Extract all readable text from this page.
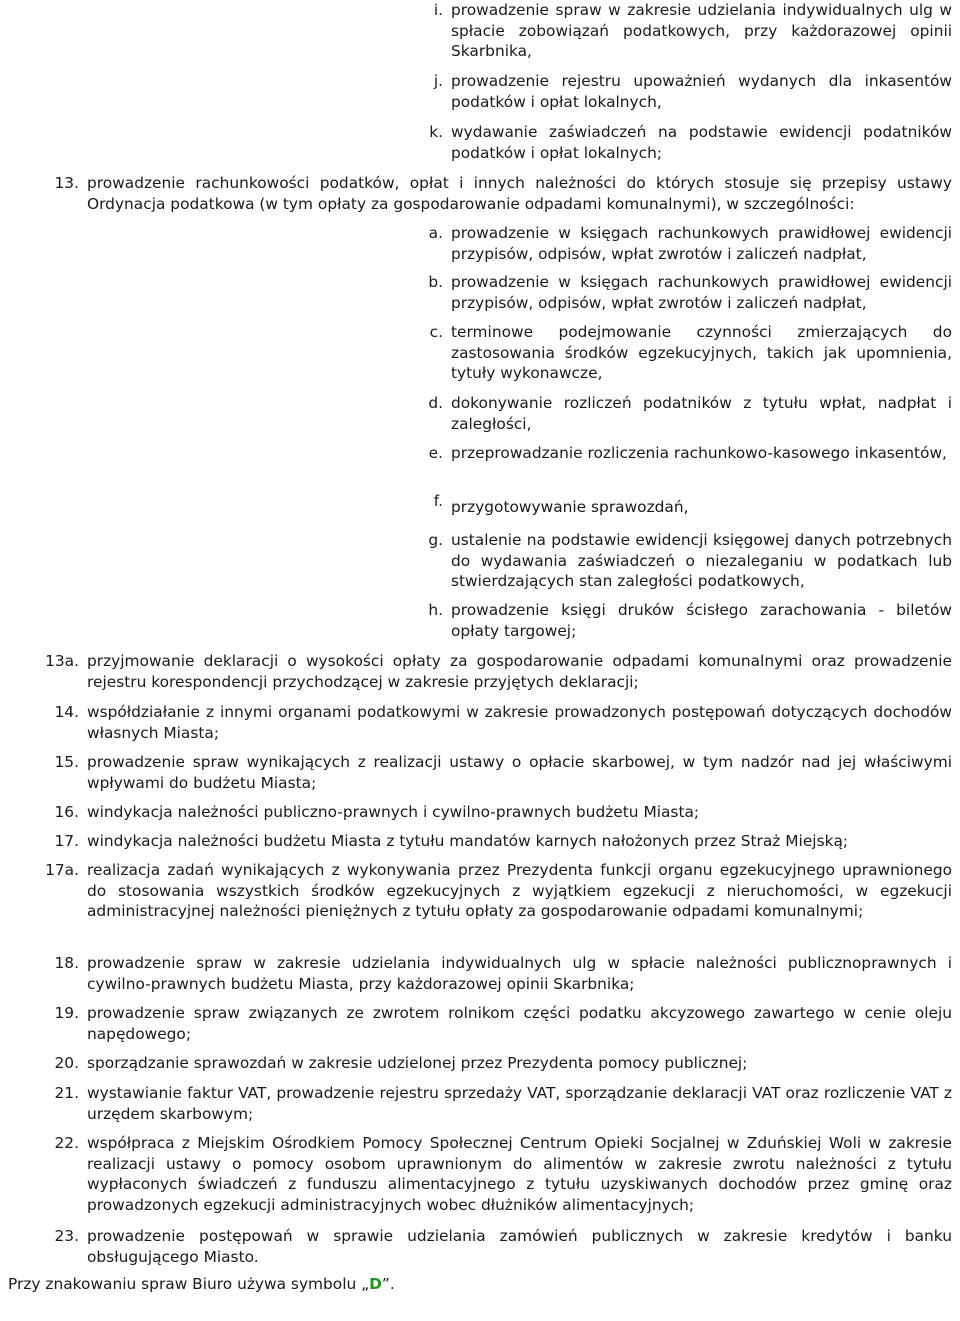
i. prowadzenie spraw w zakresie udzielania indywidualnych ulg w spłacie zobowiązań podatkowych, przy każdorazowej opinii Skarbnika,
j. prowadzenie rejestru upoważnień wydanych dla inkasentów podatków i opłat lokalnych,
k. wydawanie zaświadczeń na podstawie ewidencji podatników podatków i opłat lokalnych;
13. prowadzenie rachunkowości podatków, opłat i innych należności do których stosuje się przepisy ustawy Ordynacja podatkowa (w tym opłaty za gospodarowanie odpadami komunalnymi), w szczególności:
a. prowadzenie w księgach rachunkowych prawidłowej ewidencji przypisów, odpisów, wpłat zwrotów i zaliczeń nadpłat,
b. prowadzenie w księgach rachunkowych prawidłowej ewidencji przypisów, odpisów, wpłat zwrotów i zaliczeń nadpłat,
c. terminowe podejmowanie czynności zmierzających do zastosowania środków egzekucyjnych, takich jak upomnienia, tytuły wykonawcze,
d. dokonywanie rozliczeń podatników z tytułu wpłat, nadpłat i zaległości,
e. przeprowadzanie rozliczenia rachunkowo-kasowego inkasentów,
f. przygotowywanie sprawozdań,
g. ustalenie na podstawie ewidencji księgowej danych potrzebnych do wydawania zaświadczeń o niezaleganiu w podatkach lub stwierdzających stan zaległości podatkowych,
h. prowadzenie księgi druków ścisłego zarachowania - biletów opłaty targowej;
13a. przyjmowanie deklaracji o wysokości opłaty za gospodarowanie odpadami komunalnymi oraz prowadzenie rejestru korespondencji przychodzącej w zakresie przyjętych deklaracji;
14. współdziałanie z innymi organami podatkowymi w zakresie prowadzonych postępowań dotyczących dochodów własnych Miasta;
15. prowadzenie spraw wynikających z realizacji ustawy o opłacie skarbowej, w tym nadzór nad jej właściwymi wpływami do budżetu Miasta;
16. windykacja należności publiczno-prawnych i cywilno-prawnych budżetu Miasta;
17. windykacja należności budżetu Miasta z tytułu mandatów karnych nałożonych przez Straż Miejską;
17a. realizacja zadań wynikających z wykonywania przez Prezydenta funkcji organu egzekucyjnego uprawnionego do stosowania wszystkich środków egzekucyjnych z wyjątkiem egzekucji z nieruchomości, w egzekucji administracyjnej należności pieniężnych z tytułu opłaty za gospodarowanie odpadami komunalnymi;
18. prowadzenie spraw w zakresie udzielania indywidualnych ulg w spłacie należności publicznoprawnych i cywilno-prawnych budżetu Miasta, przy każdorazowej opinii Skarbnika;
19. prowadzenie spraw związanych ze zwrotem rolnikom części podatku akcyzowego zawartego w cenie oleju napędowego;
20. sporządzanie sprawozdań w zakresie udzielonej przez Prezydenta pomocy publicznej;
21. wystawianie faktur VAT, prowadzenie rejestru sprzedaży VAT, sporządzanie deklaracji VAT oraz rozliczenie VAT z urzędem skarbowym;
22. współpraca z Miejskim Ośrodkiem Pomocy Społecznej Centrum Opieki Socjalnej w Zduńskiej Woli w zakresie realizacji ustawy o pomocy osobom uprawnionym do alimentów w zakresie zwrotu należności z tytułu wypłaconych świadczeń z funduszu alimentacyjnego z tytułu uzyskiwanych dochodów przez gminę oraz prowadzonych egzekucji administracyjnych wobec dłużników alimentacyjnych;
23. prowadzenie postępowań w sprawie udzielania zamówień publicznych w zakresie kredytów i banku obsługującego Miasto.
Przy znakowaniu spraw Biuro używa symbolu „D”.
